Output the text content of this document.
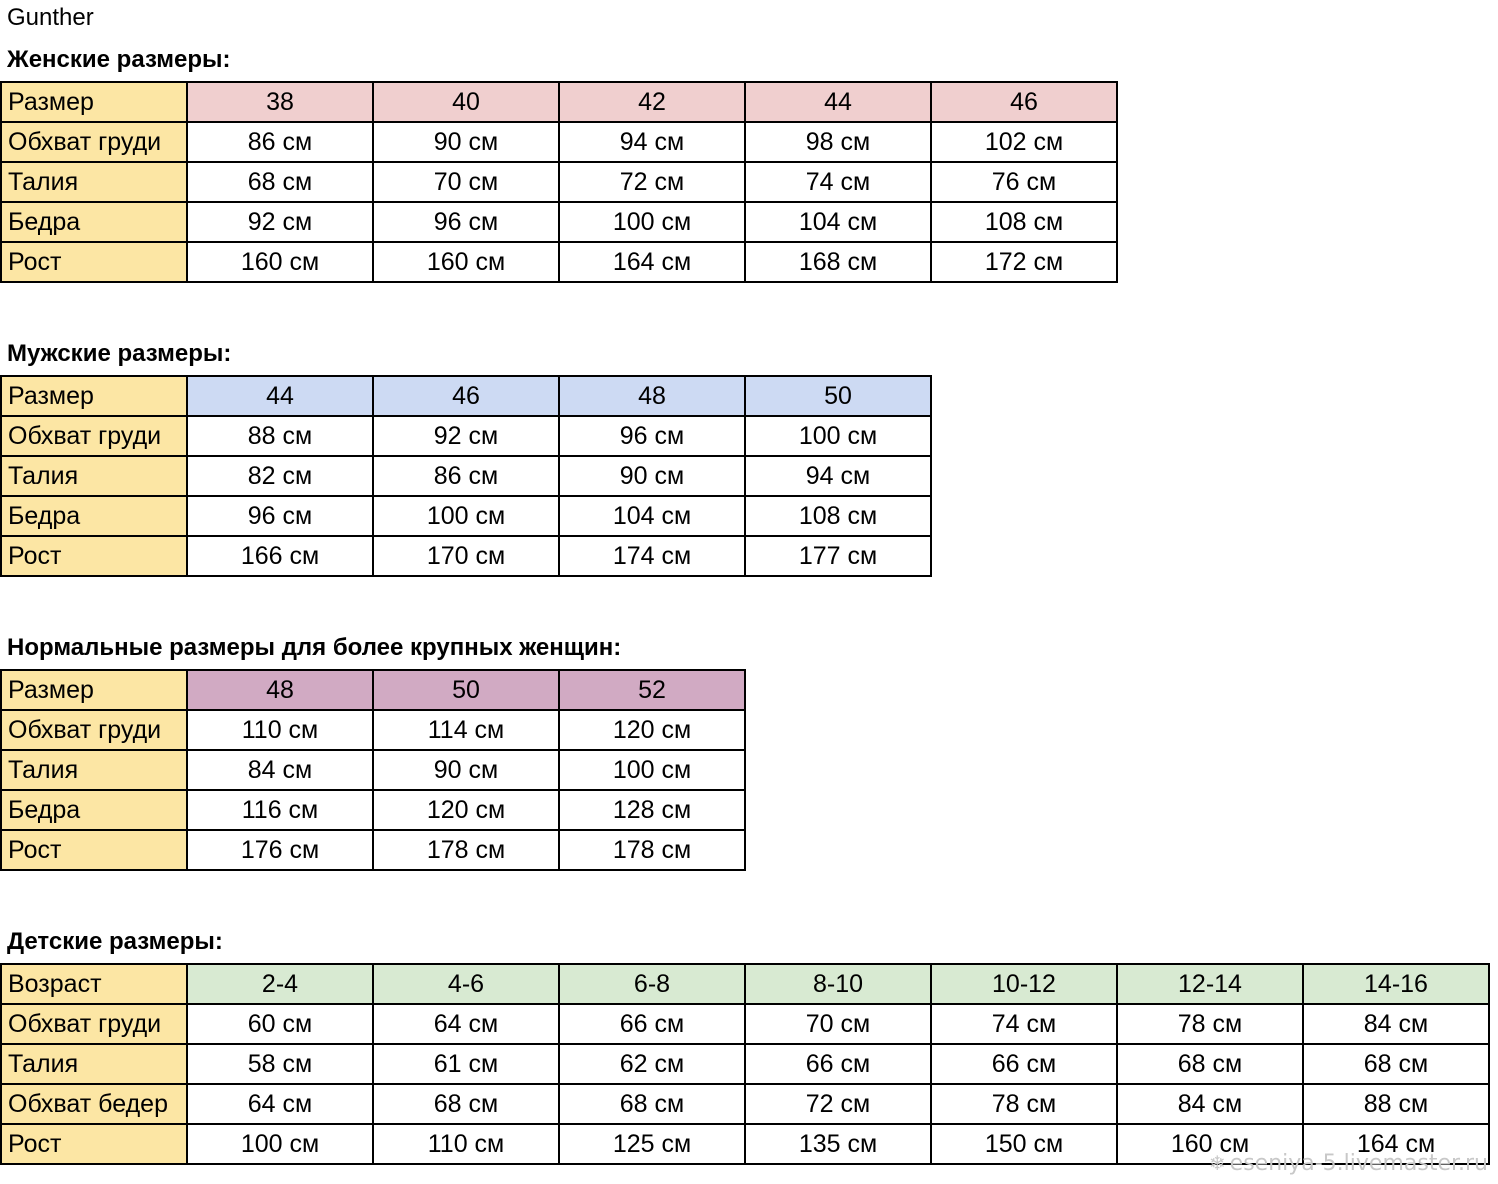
Gunther
Женские размеры:
Размер	38	40	42	44	46
Обхват груди	86 см	90 см	94 см	98 см	102 см
Талия	68 см	70 см	72 см	74 см	76 см
Бедра	92 см	96 см	100 см	104 см	108 см
Рост	160 см	160 см	164 см	168 см	172 см
Мужские размеры:
Размер	44	46	48	50
Обхват груди	88 см	92 см	96 см	100 см
Талия	82 см	86 см	90 см	94 см
Бедра	96 см	100 см	104 см	108 см
Рост	166 см	170 см	174 см	177 см
Нормальные размеры для более крупных женщин:
Размер	48	50	52
Обхват груди	110 см	114 см	120 см
Талия	84 см	90 см	100 см
Бедра	116 см	120 см	128 см
Рост	176 см	178 см	178 см
Детские размеры:
Возраст	2-4	4-6	6-8	8-10	10-12	12-14	14-16
Обхват груди	60 см	64 см	66 см	70 см	74 см	78 см	84 см
Талия	58 см	61 см	62 см	66 см	66 см	68 см	68 см
Обхват бедер	64 см	68 см	68 см	72 см	78 см	84 см	88 см
Рост	100 см	110 см	125 см	135 см	150 см	160 см	164 см
❄ eseniya-5.livemaster.ru
